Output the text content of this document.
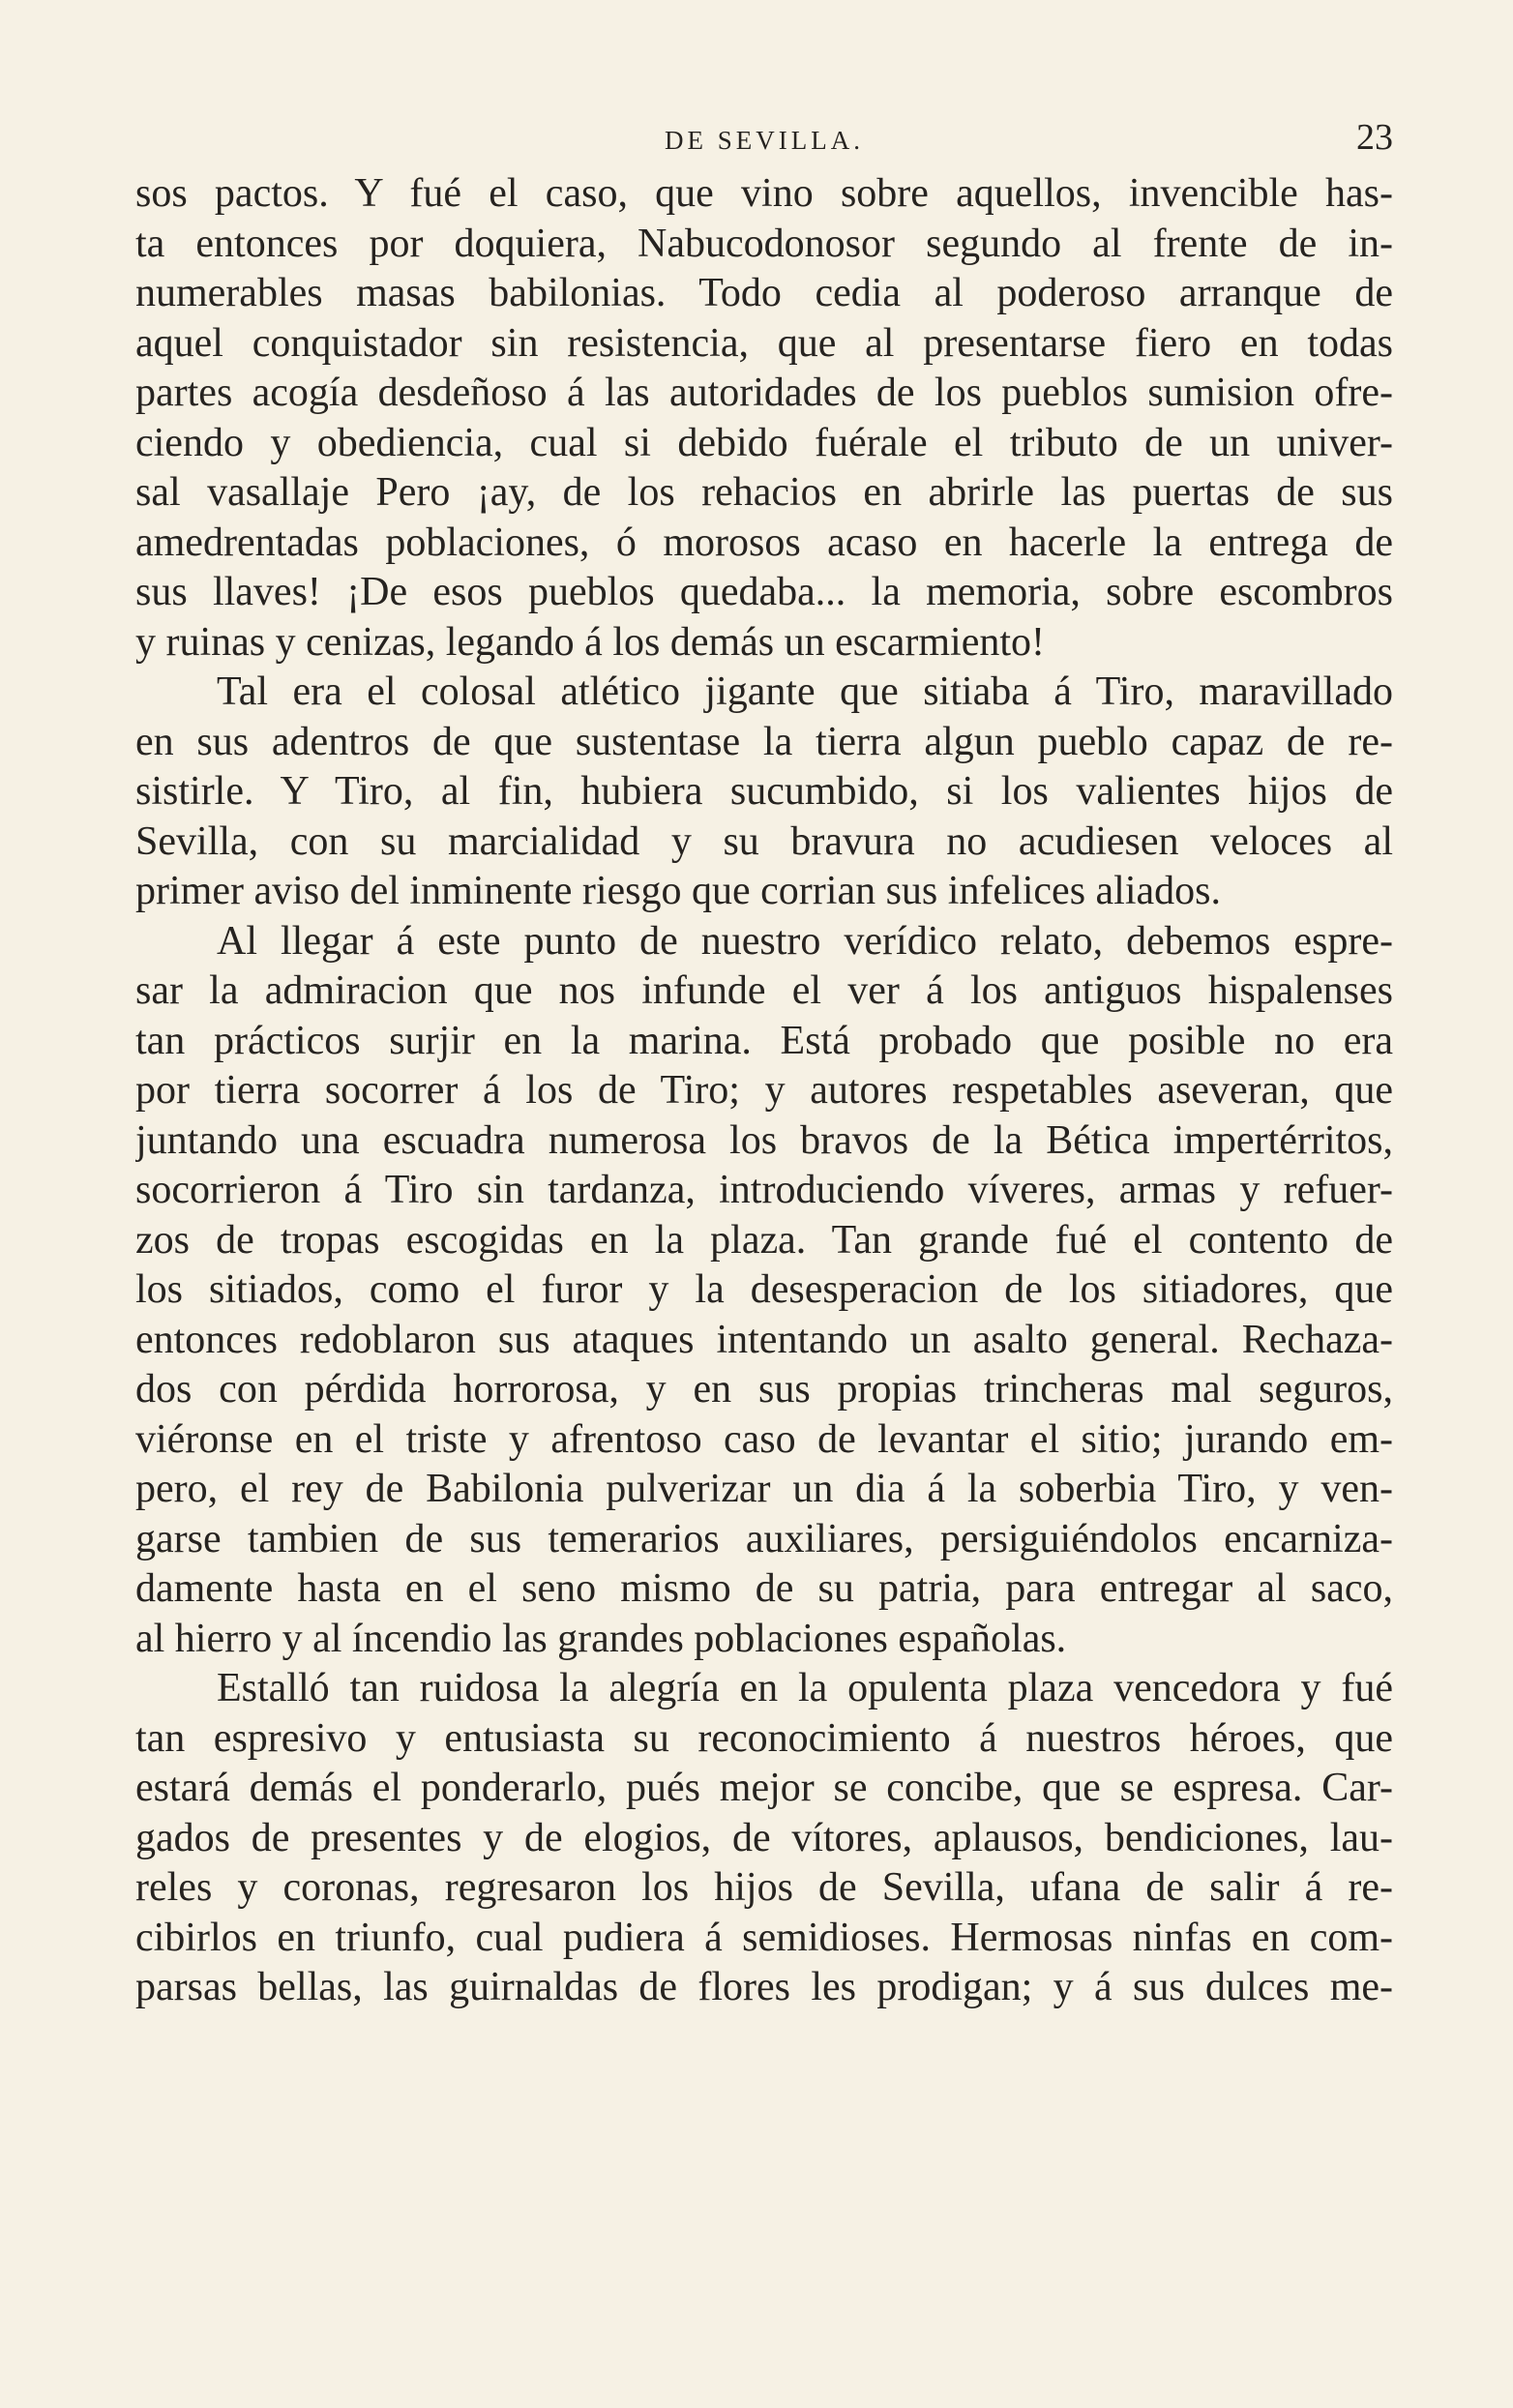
DE SEVILLA.	23
sos pactos. Y fué el caso, que vino sobre aquellos, invencible has-
ta entonces por doquiera, Nabucodonosor segundo al frente de in-
numerables masas babilonias. Todo cedia al poderoso arranque de
aquel conquistador sin resistencia, que al presentarse fiero en todas
partes acogía desdeñoso á las autoridades de los pueblos sumision ofre-
ciendo y obediencia, cual si debido fuérale el tributo de un univer-
sal vasallaje Pero ¡ay, de los rehacios en abrirle las puertas de sus
amedrentadas poblaciones, ó morosos acaso en hacerle la entrega de
sus llaves! ¡De esos pueblos quedaba... la memoria, sobre escombros
y ruinas y cenizas, legando á los demás un escarmiento!
Tal era el colosal atlético jigante que sitiaba á Tiro, maravillado
en sus adentros de que sustentase la tierra algun pueblo capaz de re-
sistirle. Y Tiro, al fin, hubiera sucumbido, si los valientes hijos de
Sevilla, con su marcialidad y su bravura no acudiesen veloces al
primer aviso del inminente riesgo que corrian sus infelices aliados.
Al llegar á este punto de nuestro verídico relato, debemos espre-
sar la admiracion que nos infunde el ver á los antiguos hispalenses
tan prácticos surjir en la marina. Está probado que posible no era
por tierra socorrer á los de Tiro; y autores respetables aseveran, que
juntando una escuadra numerosa los bravos de la Bética impertérritos,
socorrieron á Tiro sin tardanza, introduciendo víveres, armas y refuer-
zos de tropas escogidas en la plaza. Tan grande fué el contento de
los sitiados, como el furor y la desesperacion de los sitiadores, que
entonces redoblaron sus ataques intentando un asalto general. Rechaza-
dos con pérdida horrorosa, y en sus propias trincheras mal seguros,
viéronse en el triste y afrentoso caso de levantar el sitio; jurando em-
pero, el rey de Babilonia pulverizar un dia á la soberbia Tiro, y ven-
garse tambien de sus temerarios auxiliares, persiguiéndolos encarniza-
damente hasta en el seno mismo de su patria, para entregar al saco,
al hierro y al íncendio las grandes poblaciones españolas.
Estalló tan ruidosa la alegría en la opulenta plaza vencedora y fué
tan espresivo y entusiasta su reconocimiento á nuestros héroes, que
estará demás el ponderarlo, pués mejor se concibe, que se espresa. Car-
gados de presentes y de elogios, de vítores, aplausos, bendiciones, lau-
reles y coronas, regresaron los hijos de Sevilla, ufana de salir á re-
cibirlos en triunfo, cual pudiera á semidioses. Hermosas ninfas en com-
parsas bellas, las guirnaldas de flores les prodigan; y á sus dulces me-
